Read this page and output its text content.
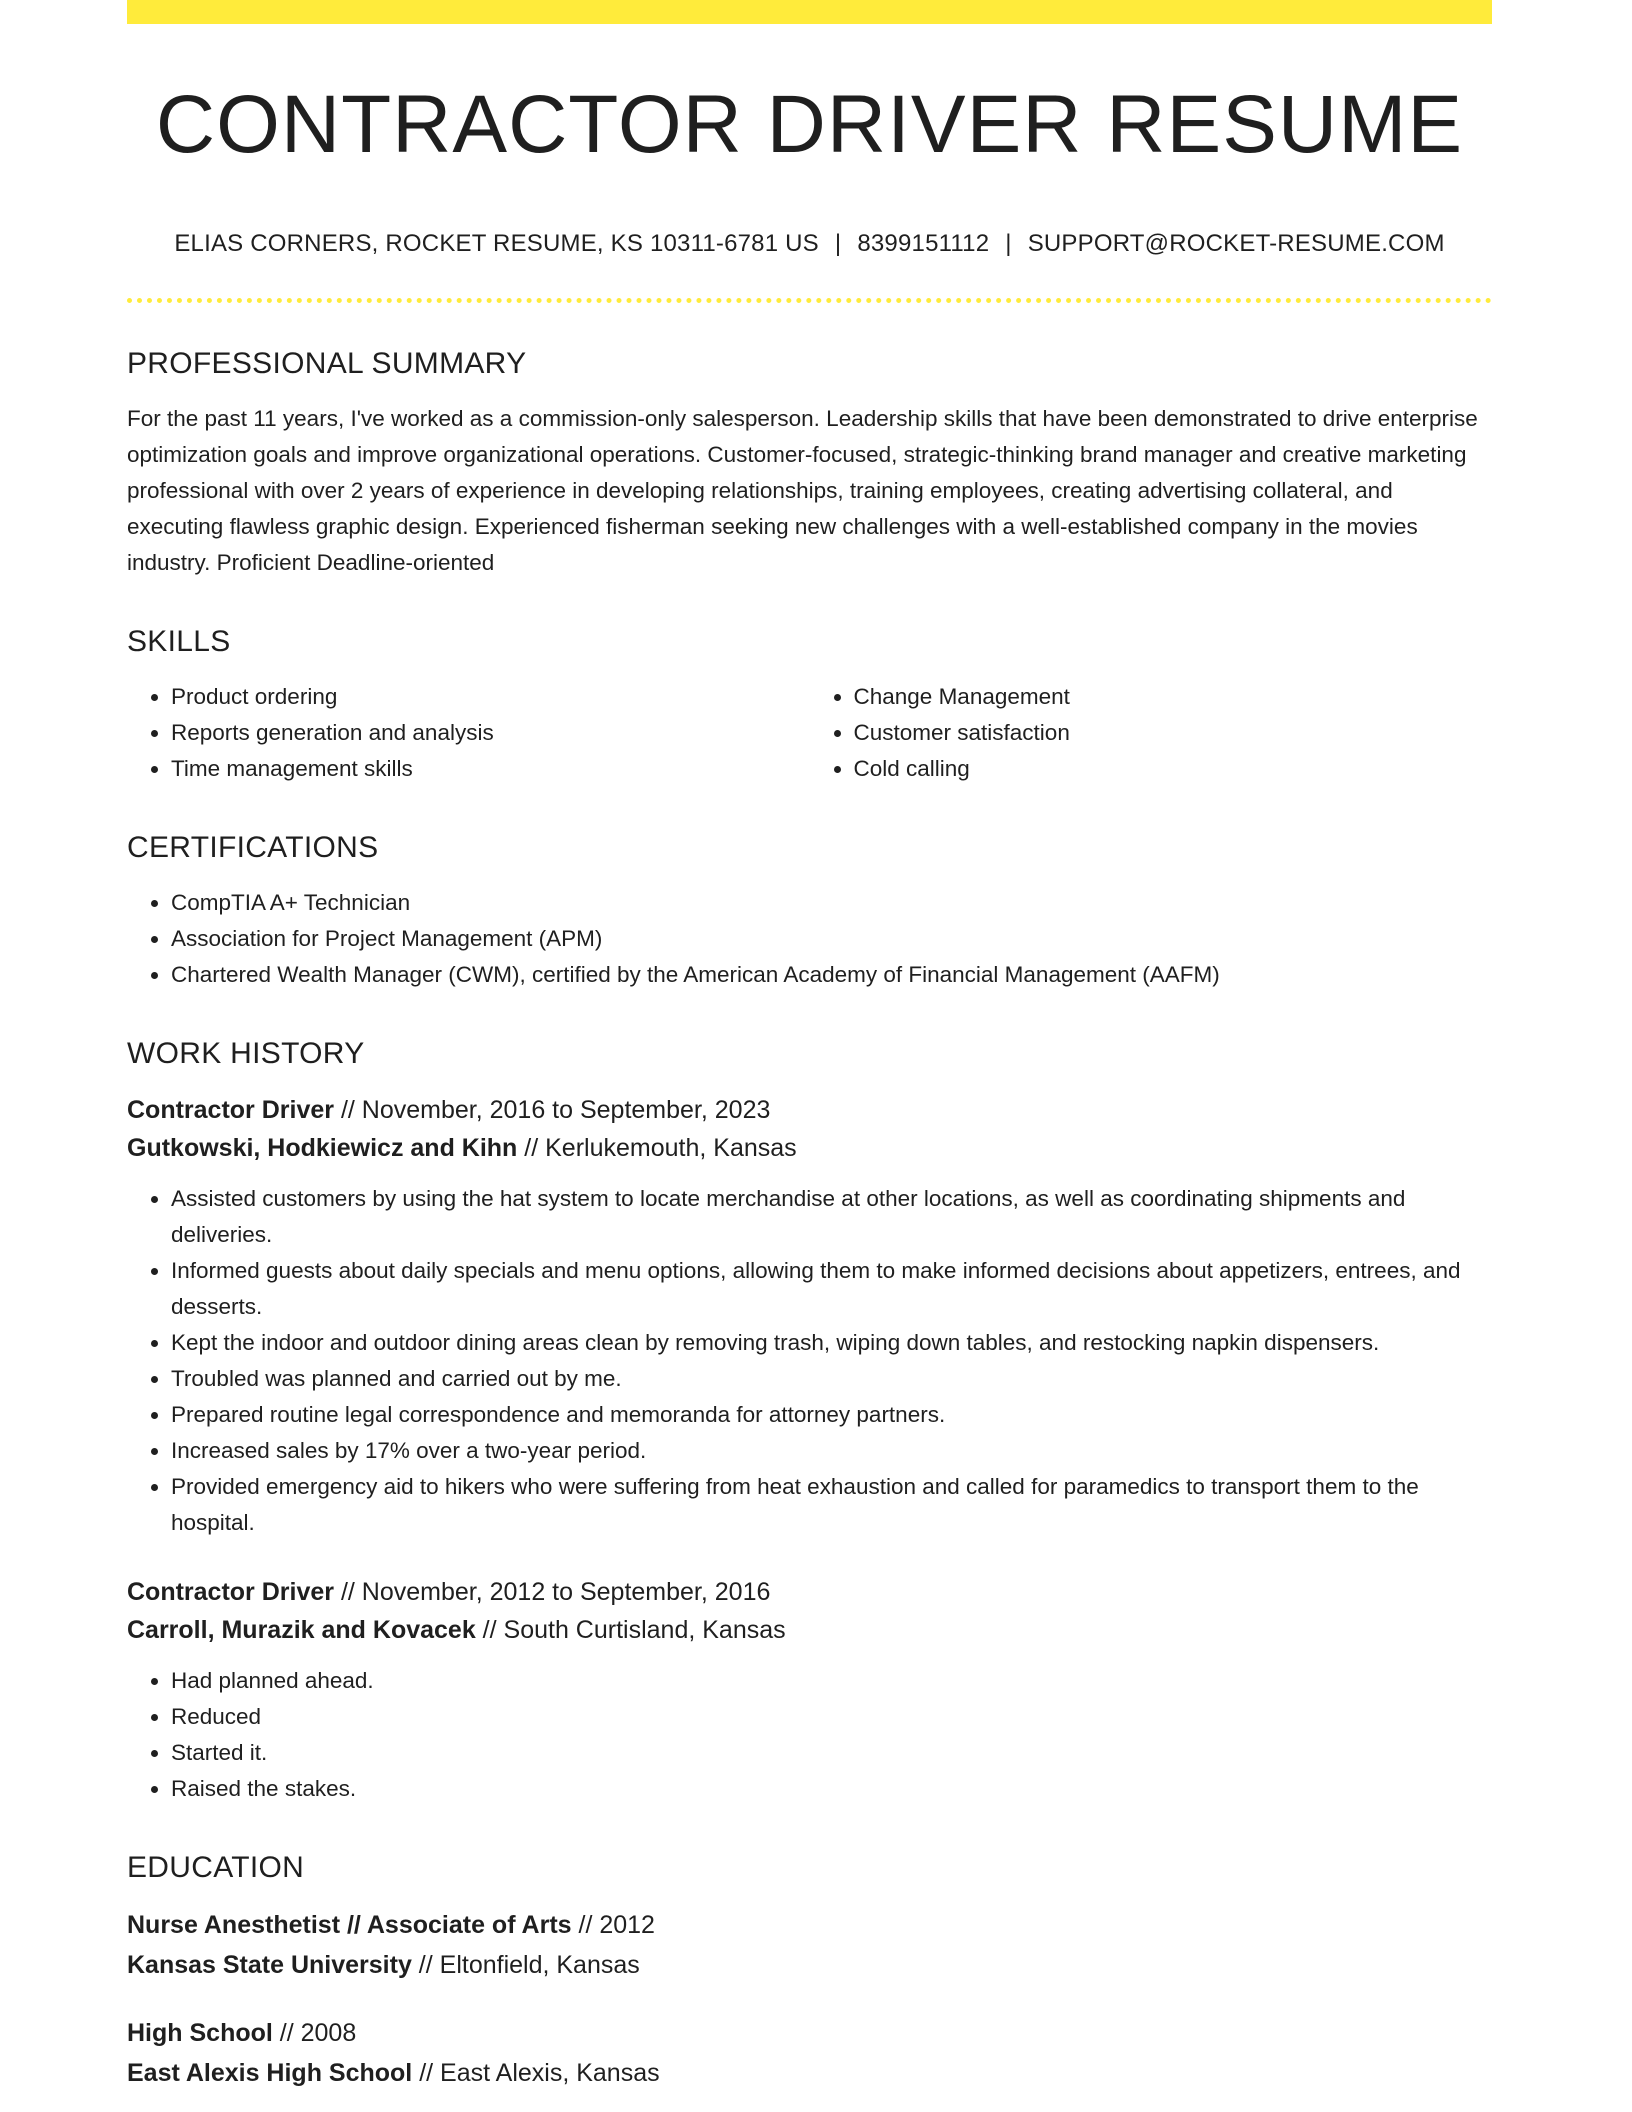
CONTRACTOR DRIVER RESUME
ELIAS CORNERS, ROCKET RESUME, KS 10311-6781 US | 8399151112 | SUPPORT@ROCKET-RESUME.COM
PROFESSIONAL SUMMARY

For the past 11 years, I've worked as a commission-only salesperson. Leadership skills that have been demonstrated to drive enterprise optimization goals and improve organizational operations. Customer-focused, strategic-thinking brand manager and creative marketing professional with over 2 years of experience in developing relationships, training employees, creating advertising collateral, and executing flawless graphic design. Experienced fisherman seeking new challenges with a well-established company in the movies industry. Proficient Deadline-oriented

SKILLS
• Product ordering
• Reports generation and analysis
• Time management skills
• Change Management
• Customer satisfaction
• Cold calling
CERTIFICATIONS
• CompTIA A+ Technician
• Association for Project Management (APM)
• Chartered Wealth Manager (CWM), certified by the American Academy of Financial Management (AAFM)
WORK HISTORY
Contractor Driver // November, 2016 to September, 2023
Gutkowski, Hodkiewicz and Kihn // Kerlukemouth, Kansas
• Assisted customers by using the hat system to locate merchandise at other locations, as well as coordinating shipments and deliveries.
• Informed guests about daily specials and menu options, allowing them to make informed decisions about appetizers, entrees, and desserts.
• Kept the indoor and outdoor dining areas clean by removing trash, wiping down tables, and restocking napkin dispensers.
• Troubled was planned and carried out by me.
• Prepared routine legal correspondence and memoranda for attorney partners.
• Increased sales by 17% over a two-year period.
• Provided emergency aid to hikers who were suffering from heat exhaustion and called for paramedics to transport them to the hospital.
Contractor Driver // November, 2012 to September, 2016
Carroll, Murazik and Kovacek // South Curtisland, Kansas
• Had planned ahead.
• Reduced
• Started it.
• Raised the stakes.
EDUCATION
Nurse Anesthetist // Associate of Arts // 2012
Kansas State University // Eltonfield, Kansas
High School // 2008
East Alexis High School // East Alexis, Kansas
